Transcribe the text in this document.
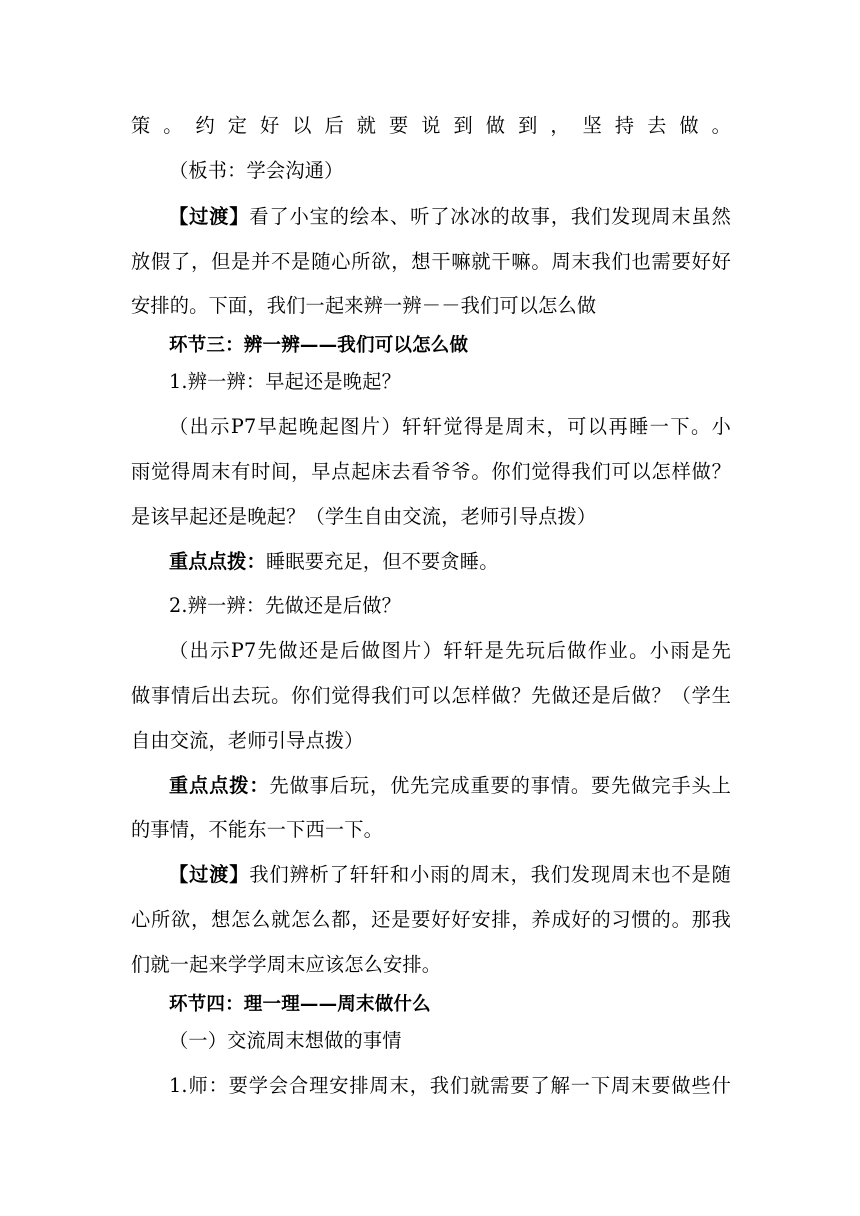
策。约定好以后就要说到做到，坚持去做。
（板书：学会沟通）
【过渡】看了小宝的绘本、听了冰冰的故事，我们发现周末虽然
放假了，但是并不是随心所欲，想干嘛就干嘛。周末我们也需要好好
安排的。下面，我们一起来辨一辨－－我们可以怎么做
环节三：辨一辨——我们可以怎么做
1.辨一辨：早起还是晚起？
（出示P7早起晚起图片）轩轩觉得是周末，可以再睡一下。小
雨觉得周末有时间，早点起床去看爷爷。你们觉得我们可以怎样做？
是该早起还是晚起？（学生自由交流，老师引导点拨）
重点点拨：睡眠要充足，但不要贪睡。
2.辨一辨：先做还是后做？
（出示P7先做还是后做图片）轩轩是先玩后做作业。小雨是先
做事情后出去玩。你们觉得我们可以怎样做？先做还是后做？（学生
自由交流，老师引导点拨）
重点点拨：先做事后玩，优先完成重要的事情。要先做完手头上
的事情，不能东一下西一下。
【过渡】我们辨析了轩轩和小雨的周末，我们发现周末也不是随
心所欲，想怎么就怎么都，还是要好好安排，养成好的习惯的。那我
们就一起来学学周末应该怎么安排。
环节四：理一理——周末做什么
（一）交流周末想做的事情
1.师：要学会合理安排周末，我们就需要了解一下周末要做些什
